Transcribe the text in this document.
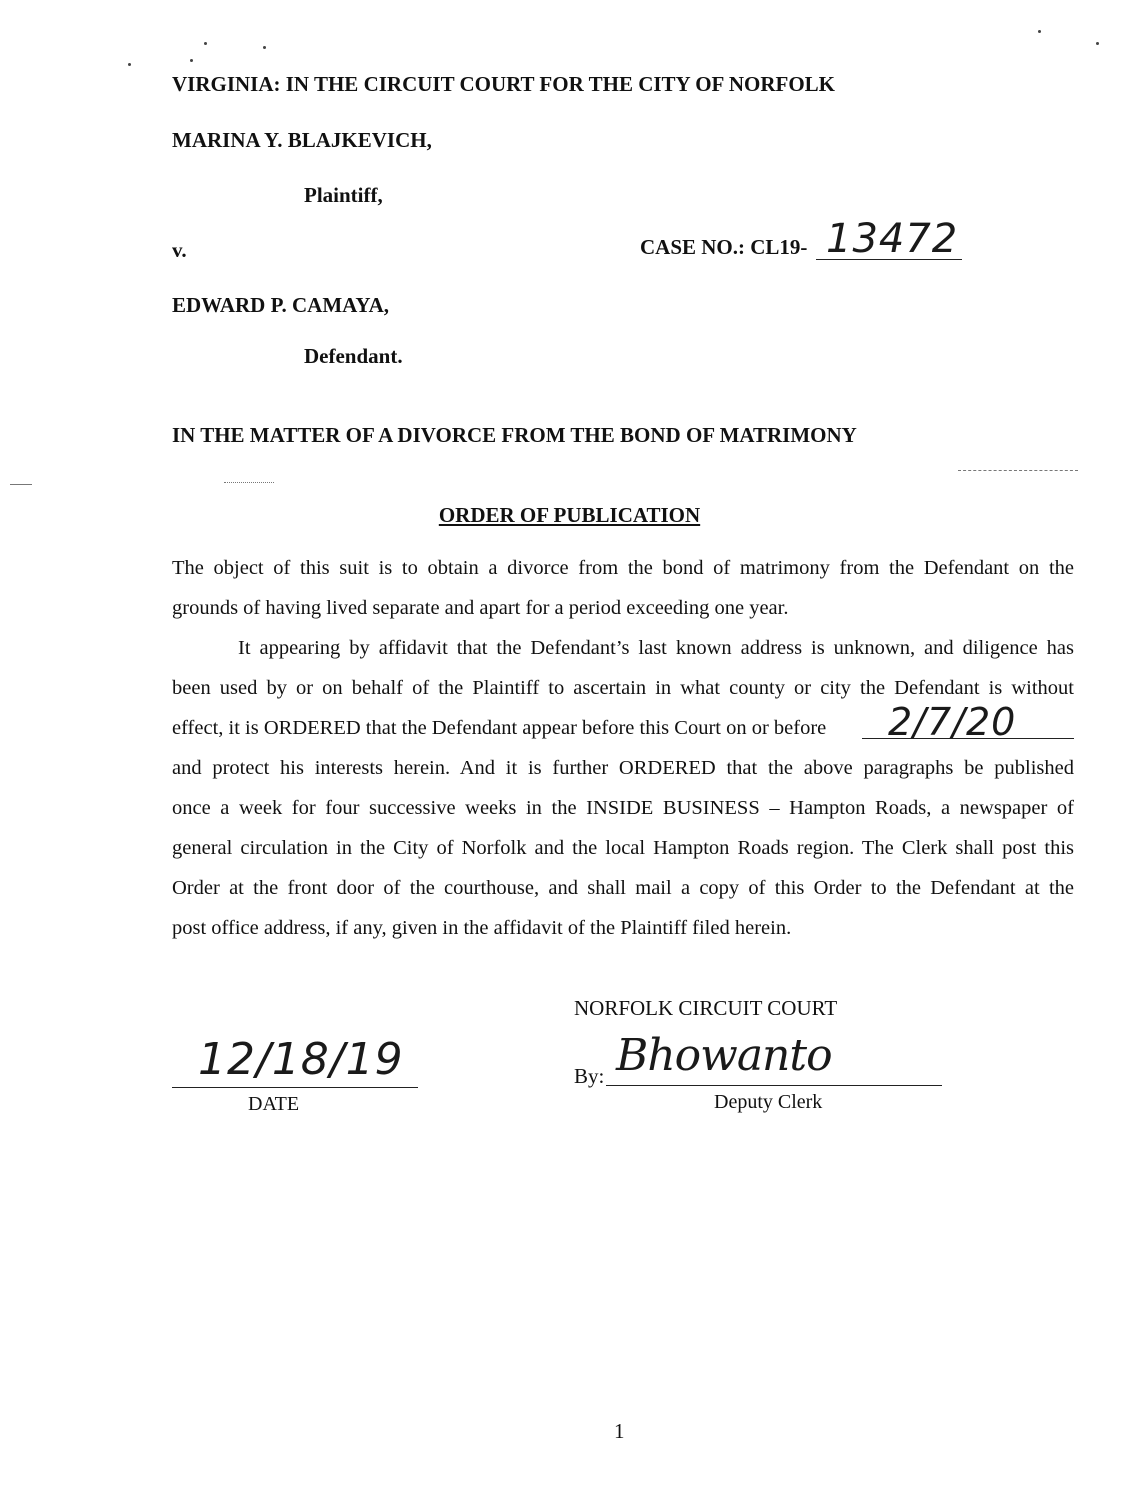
VIRGINIA: IN THE CIRCUIT COURT FOR THE CITY OF NORFOLK
MARINA Y. BLAJKEVICH,
Plaintiff,
v.	CASE NO.: CL19- 13472
EDWARD P. CAMAYA,
Defendant.
IN THE MATTER OF A DIVORCE FROM THE BOND OF MATRIMONY
ORDER OF PUBLICATION
The object of this suit is to obtain a divorce from the bond of matrimony from the Defendant on the
grounds of having lived separate and apart for a period exceeding one year.
It appearing by affidavit that the Defendant’s last known address is unknown, and diligence has
been used by or on behalf of the Plaintiff to ascertain in what county or city the Defendant is without
effect, it is ORDERED that the Defendant appear before this Court on or before 2/7/20
and protect his interests herein. And it is further ORDERED that the above paragraphs be published
once a week for four successive weeks in the INSIDE BUSINESS – Hampton Roads, a newspaper of
general circulation in the City of Norfolk and the local Hampton Roads region. The Clerk shall post this
Order at the front door of the courthouse, and shall mail a copy of this Order to the Defendant at the
post office address, if any, given in the affidavit of the Plaintiff filed herein.
NORFOLK CIRCUIT COURT
By: Bhowanto
Deputy Clerk
12/18/19
DATE
1
